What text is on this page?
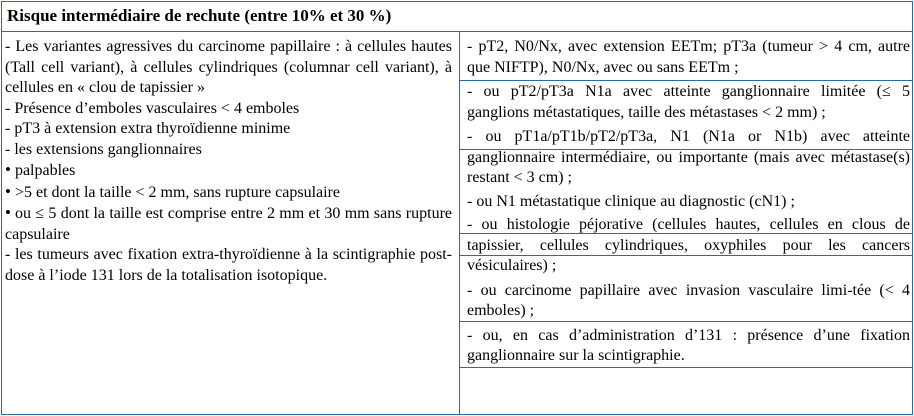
Risque intermédiaire de rechute (entre 10% et 30 %)

- Les variantes agressives du carcinome papillaire : à cellules hautes (Tall cell variant), à cellules cylindriques (columnar cell variant), à cellules en « clou de tapissier »

- Présence d’emboles vasculaires < 4 emboles

- pT3 à extension extra thyroïdienne minime

- les extensions ganglionnaires

• palpables

• >5 et dont la taille < 2 mm, sans rupture capsulaire

• ou ≤ 5 dont la taille est comprise entre 2 mm et 30 mm sans rupture capsulaire

- les tumeurs avec fixation extra-thyroïdienne à la scintigraphie post-dose à l’iode 131 lors de la totalisation isotopique.

- pT2, N0/Nx, avec extension EETm; pT3a (tumeur > 4 cm, autre que NIFTP), N0/Nx, avec ou sans EETm ;

- ou pT2/pT3a N1a avec atteinte ganglionnaire limitée (≤ 5 ganglions métastatiques, taille des métastases < 2 mm) ;

- ou pT1a/pT1b/pT2/pT3a, N1 (N1a or N1b) avec atteinte ganglionnaire intermédiaire, ou importante (mais avec métastase(s) restant < 3 cm) ;

- ou N1 métastatique clinique au diagnostic (cN1) ;

- ou histologie péjorative (cellules hautes, cellules en clous de tapissier, cellules cylindriques, oxyphiles pour les cancers vésiculaires) ;

- ou carcinome papillaire avec invasion vasculaire limi-tée (< 4 emboles) ;

- ou, en cas d’administration d’131 : présence d’une fixation ganglionnaire sur la scintigraphie.
